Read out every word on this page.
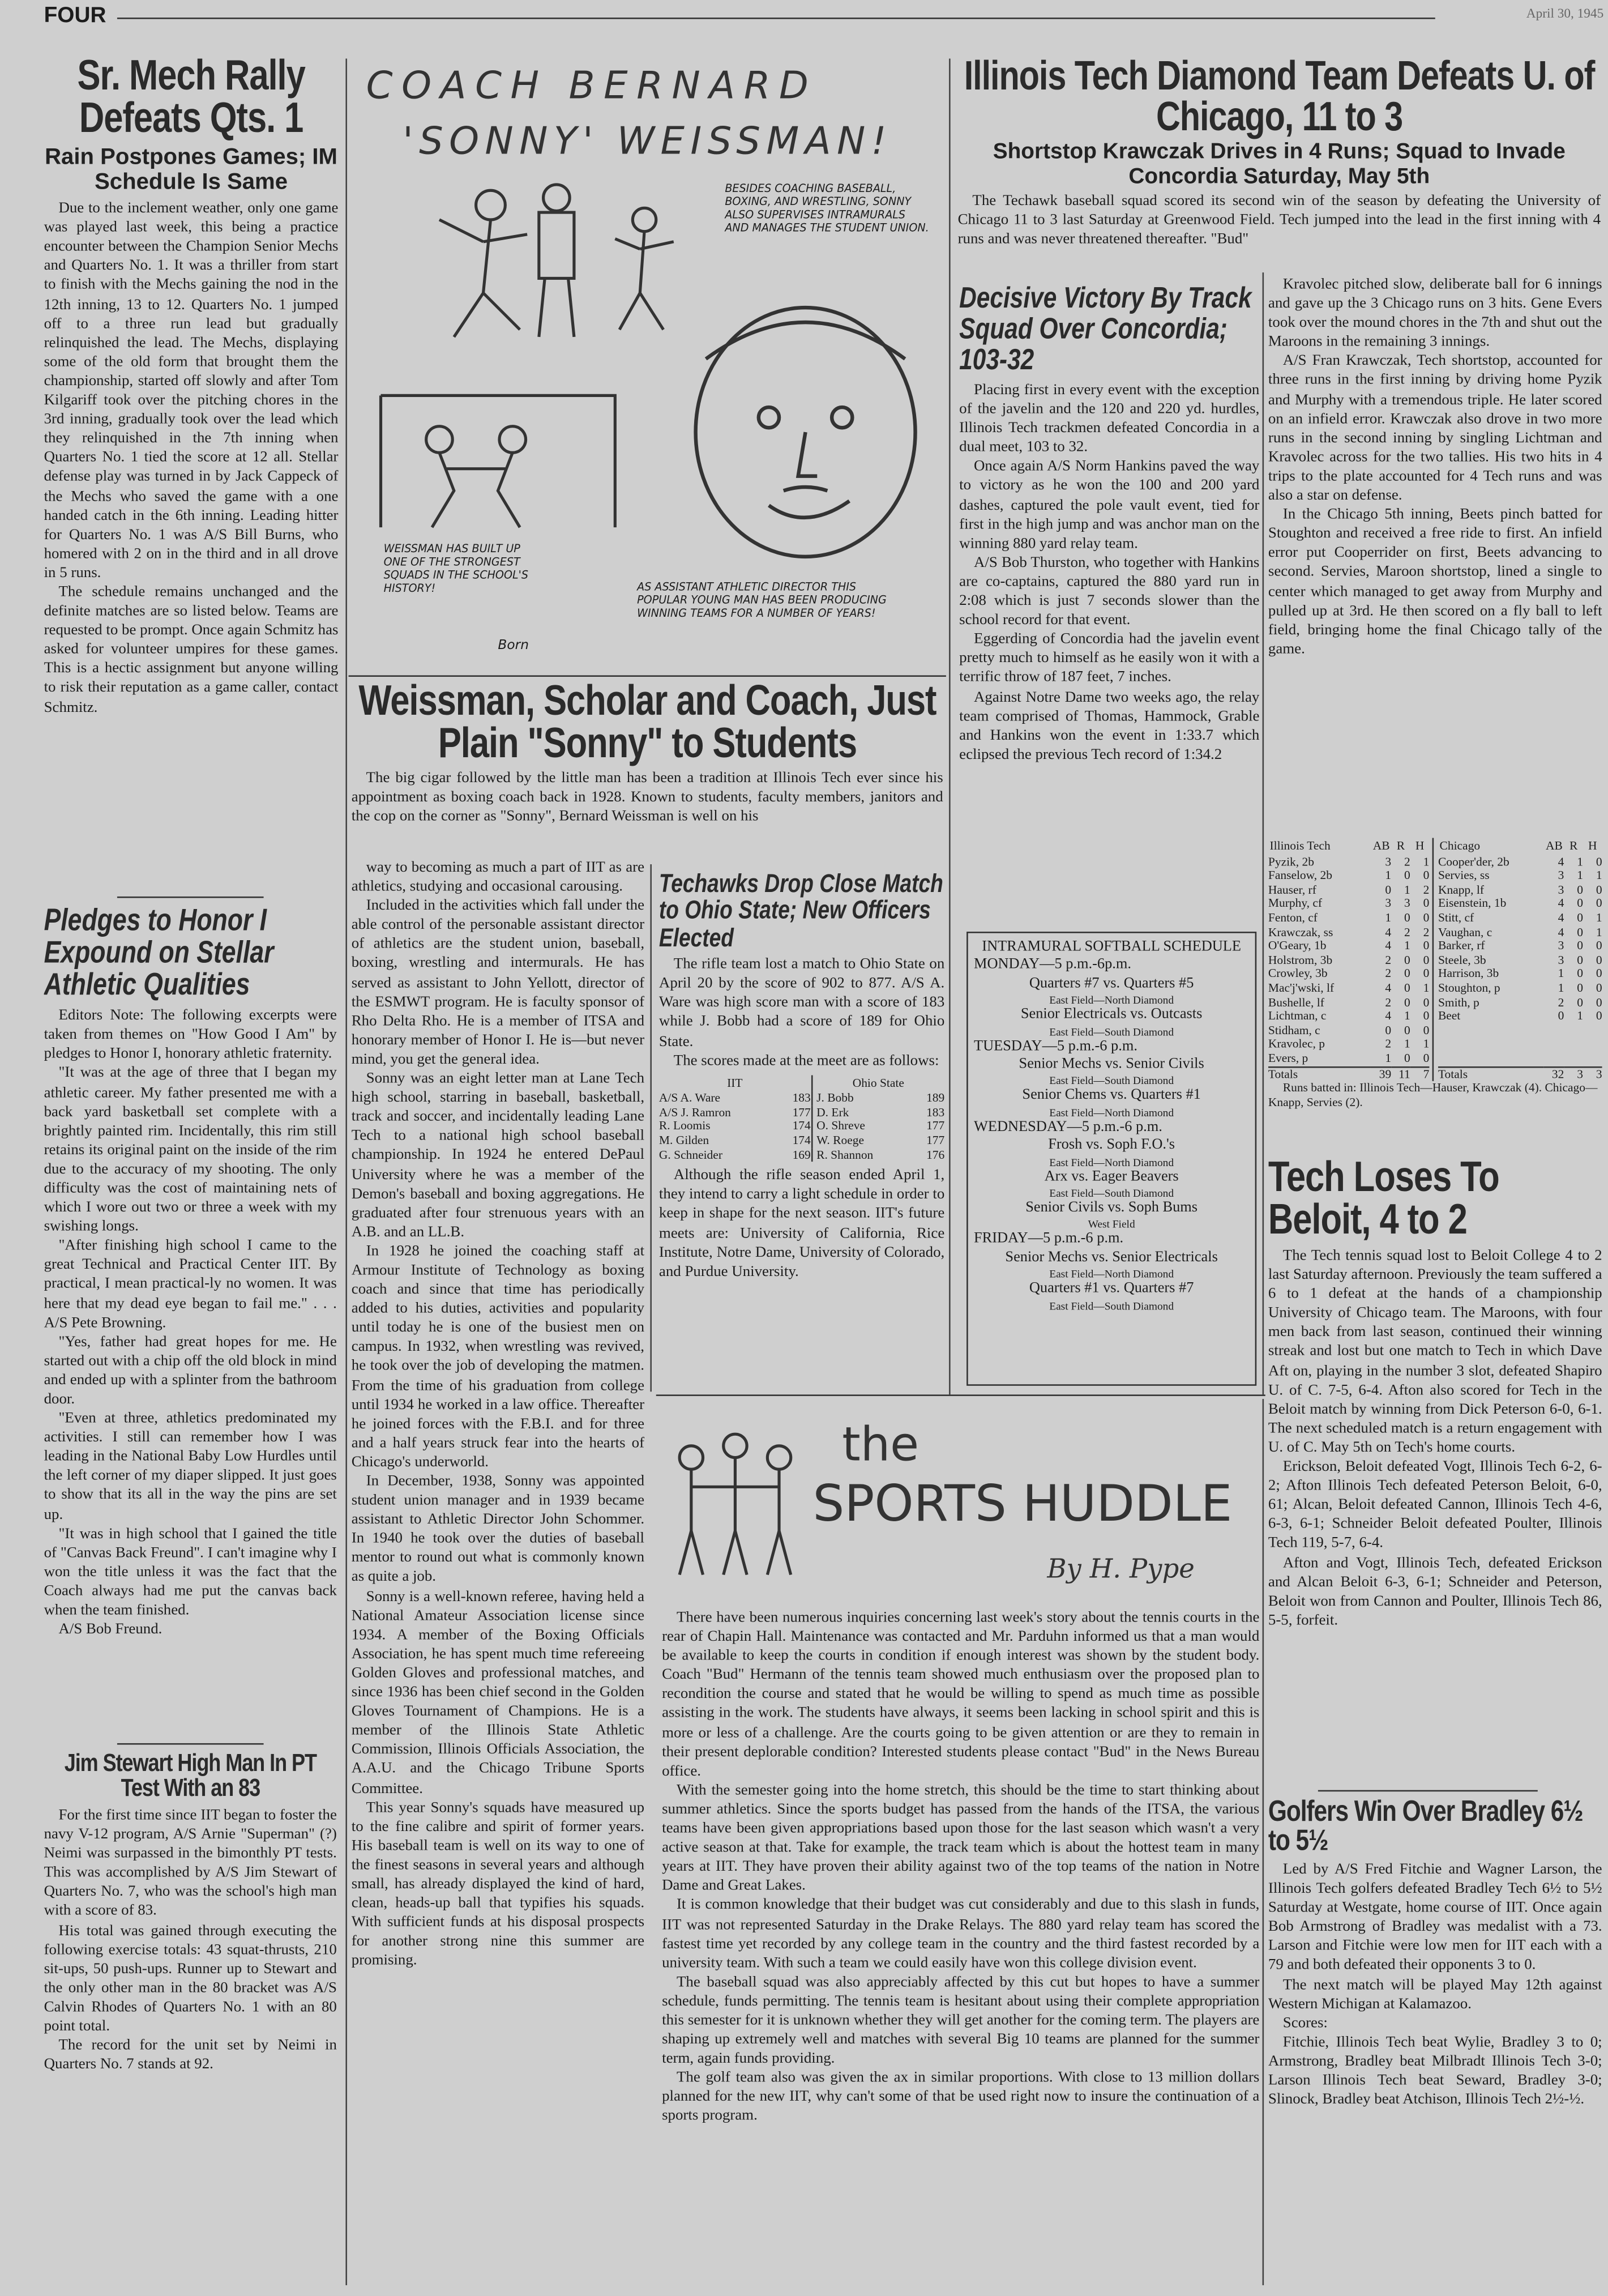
FOUR	April 30, 1945
Sr. Mech Rally Defeats Qts. 1
Rain Postpones Games; IM Schedule Is Same

Due to the inclement weather, only one game was played last week, this being a practice encounter between the Champion Senior Mechs and Quarters No. 1. It was a thriller from start to finish with the Mechs gaining the nod in the 12th inning, 13 to 12. Quarters No. 1 jumped off to a three run lead but gradually relinquished the lead. The Mechs, displaying some of the old form that brought them the championship, started off slowly and after Tom Kilgariff took over the pitching chores in the 3rd inning, gradually took over the lead which they relinquished in the 7th inning when Quarters No. 1 tied the score at 12 all. Stellar defense play was turned in by Jack Cappeck of the Mechs who saved the game with a one handed catch in the 6th inning. Leading hitter for Quarters No. 1 was A/S Bill Burns, who homered with 2 on in the third and in all drove in 5 runs.

The schedule remains unchanged and the definite matches are so listed below. Teams are requested to be prompt. Once again Schmitz has asked for volunteer umpires for these games. This is a hectic assignment but anyone willing to risk their reputation as a game caller, contact Schmitz.

Pledges to Honor I Expound on Stellar Athletic Qualities

Editors Note: The following excerpts were taken from themes on "How Good I Am" by pledges to Honor I, honorary athletic fraternity.

"It was at the age of three that I began my athletic career. My father presented me with a back yard basketball set complete with a brightly painted rim. Incidentally, this rim still retains its original paint on the inside of the rim due to the accuracy of my shooting. The only difficulty was the cost of maintaining nets of which I wore out two or three a week with my swishing longs.

"After finishing high school I came to the great Technical and Practical Center IIT. By practical, I mean practical-ly no women. It was here that my dead eye began to fail me." . . . A/S Pete Browning.

"Yes, father had great hopes for me. He started out with a chip off the old block in mind and ended up with a splinter from the bathroom door.

"Even at three, athletics predominated my activities. I still can remember how I was leading in the National Baby Low Hurdles until the left corner of my diaper slipped. It just goes to show that its all in the way the pins are set up.

"It was in high school that I gained the title of "Canvas Back Freund". I can't imagine why I won the title unless it was the fact that the Coach always had me put the canvas back when the team finished.

A/S Bob Freund.

Jim Stewart High Man In PT Test With an 83

For the first time since IIT began to foster the navy V-12 program, A/S Arnie "Superman" (?) Neimi was surpassed in the bimonthly PT tests. This was accomplished by A/S Jim Stewart of Quarters No. 7, who was the school's high man with a score of 83.

His total was gained through executing the following exercise totals: 43 squat-thrusts, 210 sit-ups, 50 push-ups. Runner up to Stewart and the only other man in the 80 bracket was A/S Calvin Rhodes of Quarters No. 1 with an 80 point total.

The record for the unit set by Neimi in Quarters No. 7 stands at 92.

COACH BERNARD
'SONNY' WEISSMAN!
BESIDES COACHING BASEBALL, BOXING, AND WRESTLING, SONNY ALSO SUPERVISES INTRAMURALS AND MANAGES THE STUDENT UNION.
WEISSMAN HAS BUILT UP ONE OF THE STRONGEST SQUADS IN THE SCHOOL'S HISTORY!	AS ASSISTANT ATHLETIC DIRECTOR THIS POPULAR YOUNG MAN HAS BEEN PRODUCING WINNING TEAMS FOR A NUMBER OF YEARS!
Born
Weissman, Scholar and Coach, Just Plain "Sonny" to Students

The big cigar followed by the little man has been a tradition at Illinois Tech ever since his appointment as boxing coach back in 1928. Known to students, faculty members, janitors and the cop on the corner as "Sonny", Bernard Weissman is well on his

way to becoming as much a part of IIT as are athletics, studying and occasional carousing.

Included in the activities which fall under the able control of the personable assistant director of athletics are the student union, baseball, boxing, wrestling and intermurals. He has served as assistant to John Yellott, director of the ESMWT program. He is faculty sponsor of Rho Delta Rho. He is a member of ITSA and honorary member of Honor I. He is—but never mind, you get the general idea.

Sonny was an eight letter man at Lane Tech high school, starring in baseball, basketball, track and soccer, and incidentally leading Lane Tech to a national high school baseball championship. In 1924 he entered DePaul University where he was a member of the Demon's baseball and boxing aggregations. He graduated after four strenuous years with an A.B. and an LL.B.

In 1928 he joined the coaching staff at Armour Institute of Technology as boxing coach and since that time has periodically added to his duties, activities and popularity until today he is one of the busiest men on campus. In 1932, when wrestling was revived, he took over the job of developing the matmen. From the time of his graduation from college until 1934 he worked in a law office. Thereafter he joined forces with the F.B.I. and for three and a half years struck fear into the hearts of Chicago's underworld.

In December, 1938, Sonny was appointed student union manager and in 1939 became assistant to Athletic Director John Schommer. In 1940 he took over the duties of baseball mentor to round out what is commonly known as quite a job.

Sonny is a well-known referee, having held a National Amateur Association license since 1934. A member of the Boxing Officials Association, he has spent much time refereeing Golden Gloves and professional matches, and since 1936 has been chief second in the Golden Gloves Tournament of Champions. He is a member of the Illinois State Athletic Commission, Illinois Officials Association, the A.A.U. and the Chicago Tribune Sports Committee.

This year Sonny's squads have measured up to the fine calibre and spirit of former years. His baseball team is well on its way to one of the finest seasons in several years and although small, has already displayed the kind of hard, clean, heads-up ball that typifies his squads. With sufficient funds at his disposal prospects for another strong nine this summer are promising.

Techawks Drop Close Match to Ohio State; New Officers Elected

The rifle team lost a match to Ohio State on April 20 by the score of 902 to 877. A/S A. Ware was high score man with a score of 183 while J. Bobb had a score of 189 for Ohio State.

The scores made at the meet are as follows:

IIT		Ohio State	
A/S A. Ware	183	J. Bobb	189
A/S J. Ramron	177	D. Erk	183
R. Loomis	174	O. Shreve	177
M. Gilden	174	W. Roege	177
G. Schneider	169	R. Shannon	176

Although the rifle season ended April 1, they intend to carry a light schedule in order to keep in shape for the next season. IIT's future meets are: University of California, Rice Institute, Notre Dame, University of Colorado, and Purdue University.

Illinois Tech Diamond Team Defeats U. of Chicago, 11 to 3
Shortstop Krawczak Drives in 4 Runs; Squad to Invade Concordia Saturday, May 5th

The Techawk baseball squad scored its second win of the season by defeating the University of Chicago 11 to 3 last Saturday at Greenwood Field. Tech jumped into the lead in the first inning with 4 runs and was never threatened thereafter. "Bud"

Kravolec pitched slow, deliberate ball for 6 innings and gave up the 3 Chicago runs on 3 hits. Gene Evers took over the mound chores in the 7th and shut out the Maroons in the remaining 3 innings.

A/S Fran Krawczak, Tech shortstop, accounted for three runs in the first inning by driving home Pyzik and Murphy with a tremendous triple. He later scored on an infield error. Krawczak also drove in two more runs in the second inning by singling Lichtman and Kravolec across for the two tallies. His two hits in 4 trips to the plate accounted for 4 Tech runs and was also a star on defense.

In the Chicago 5th inning, Beets pinch batted for Stoughton and received a free ride to first. An infield error put Cooperrider on first, Beets advancing to second. Servies, Maroon shortstop, lined a single to center which managed to get away from Murphy and pulled up at 3rd. He then scored on a fly ball to left field, bringing home the final Chicago tally of the game.

Illinois Tech	AB	R	H
Pyzik, 2b	3	2	1
Fanselow, 2b	1	0	0
Hauser, rf	0	1	2
Murphy, cf	3	3	0
Fenton, cf	1	0	0
Krawczak, ss	4	2	2
O'Geary, 1b	4	1	0
Holstrom, 3b	2	0	0
Crowley, 3b	2	0	0
Mac'j'wski, lf	4	0	1
Bushelle, lf	2	0	0
Lichtman, c	4	1	0
Stidham, c	0	0	0
Kravolec, p	2	1	1
Evers, p	1	0	0
Totals	39	11	7
Chicago	AB	R	H
Cooper'der, 2b	4	1	0
Servies, ss	3	1	1
Knapp, lf	3	0	0
Eisenstein, 1b	4	0	0
Stitt, cf	4	0	1
Vaughan, c	4	0	1
Barker, rf	3	0	0
Steele, 3b	3	0	0
Harrison, 3b	1	0	0
Stoughton, p	1	0	0
Smith, p	2	0	0
Beet	0	1	0

Totals	32	3	3
Runs batted in: Illinois Tech—Hauser, Krawczak (4). Chicago—Knapp, Servies (2).
Tech Loses To Beloit, 4 to 2

The Tech tennis squad lost to Beloit College 4 to 2 last Saturday afternoon. Previously the team suffered a 6 to 1 defeat at the hands of a championship University of Chicago team. The Maroons, with four men back from last season, continued their winning streak and lost but one match to Tech in which Dave Aft on, playing in the number 3 slot, defeated Shapiro U. of C. 7-5, 6-4. Afton also scored for Tech in the Beloit match by winning from Dick Peterson 6-0, 6-1. The next scheduled match is a return engagement with U. of C. May 5th on Tech's home courts.

Erickson, Beloit defeated Vogt, Illinois Tech 6-2, 6-2; Afton Illinois Tech defeated Peterson Beloit, 6-0, 61; Alcan, Beloit defeated Cannon, Illinois Tech 4-6, 6-3, 6-1; Schneider Beloit defeated Poulter, Illinois Tech 119, 5-7, 6-4.

Afton and Vogt, Illinois Tech, defeated Erickson and Alcan Beloit 6-3, 6-1; Schneider and Peterson, Beloit won from Cannon and Poulter, Illinois Tech 86, 5-5, forfeit.

Golfers Win Over Bradley 6½ to 5½

Led by A/S Fred Fitchie and Wagner Larson, the Illinois Tech golfers defeated Bradley Tech 6½ to 5½ Saturday at Westgate, home course of IIT. Once again Bob Armstrong of Bradley was medalist with a 73. Larson and Fitchie were low men for IIT each with a 79 and both defeated their opponents 3 to 0.

The next match will be played May 12th against Western Michigan at Kalamazoo.

Scores:

Fitchie, Illinois Tech beat Wylie, Bradley 3 to 0; Armstrong, Bradley beat Milbradt Illinois Tech 3-0; Larson Illinois Tech beat Seward, Bradley 3-0; Slinock, Bradley beat Atchison, Illinois Tech 2½-½.

Decisive Victory By Track Squad Over Concordia; 103-32

Placing first in every event with the exception of the javelin and the 120 and 220 yd. hurdles, Illinois Tech trackmen defeated Concordia in a dual meet, 103 to 32.

Once again A/S Norm Hankins paved the way to victory as he won the 100 and 200 yard dashes, captured the pole vault event, tied for first in the high jump and was anchor man on the winning 880 yard relay team.

A/S Bob Thurston, who together with Hankins are co-captains, captured the 880 yard run in 2:08 which is just 7 seconds slower than the school record for that event.

Eggerding of Concordia had the javelin event pretty much to himself as he easily won it with a terrific throw of 187 feet, 7 inches.

Against Notre Dame two weeks ago, the relay team comprised of Thomas, Hammock, Grable and Hankins won the event in 1:33.7 which eclipsed the previous Tech record of 1:34.2

INTRAMURAL SOFTBALL SCHEDULE
MONDAY—5 p.m.-6p.m.
Quarters #7 vs. Quarters #5
East Field—North Diamond
Senior Electricals vs. Outcasts
East Field—South Diamond
TUESDAY—5 p.m.-6 p.m.
Senior Mechs vs. Senior Civils
East Field—South Diamond
Senior Chems vs. Quarters #1
East Field—North Diamond
WEDNESDAY—5 p.m.-6 p.m.
Frosh vs. Soph F.O.'s
East Field—North Diamond
Arx vs. Eager Beavers
East Field—South Diamond
Senior Civils vs. Soph Bums
West Field
FRIDAY—5 p.m.-6 p.m.
Senior Mechs vs. Senior Electricals
East Field—North Diamond
Quarters #1 vs. Quarters #7
East Field—South Diamond
the
SPORTS HUDDLE
By H. Pype

There have been numerous inquiries concerning last week's story about the tennis courts in the rear of Chapin Hall. Maintenance was contacted and Mr. Parduhn informed us that a man would be available to keep the courts in condition if enough interest was shown by the student body. Coach "Bud" Hermann of the tennis team showed much enthusiasm over the proposed plan to recondition the course and stated that he would be willing to spend as much time as possible assisting in the work. The students have always, it seems been lacking in school spirit and this is more or less of a challenge. Are the courts going to be given attention or are they to remain in their present deplorable condition? Interested students please contact "Bud" in the News Bureau office.

With the semester going into the home stretch, this should be the time to start thinking about summer athletics. Since the sports budget has passed from the hands of the ITSA, the various teams have been given appropriations based upon those for the last season which wasn't a very active season at that. Take for example, the track team which is about the hottest team in many years at IIT. They have proven their ability against two of the top teams of the nation in Notre Dame and Great Lakes.

It is common knowledge that their budget was cut considerably and due to this slash in funds, IIT was not represented Saturday in the Drake Relays. The 880 yard relay team has scored the fastest time yet recorded by any college team in the country and the third fastest recorded by a university team. With such a team we could easily have won this college division event.

The baseball squad was also appreciably affected by this cut but hopes to have a summer schedule, funds permitting. The tennis team is hesitant about using their complete appropriation this semester for it is unknown whether they will get another for the coming term. The players are shaping up extremely well and matches with several Big 10 teams are planned for the summer term, again funds providing.

The golf team also was given the ax in similar proportions. With close to 13 million dollars planned for the new IIT, why can't some of that be used right now to insure the continuation of a sports program.
